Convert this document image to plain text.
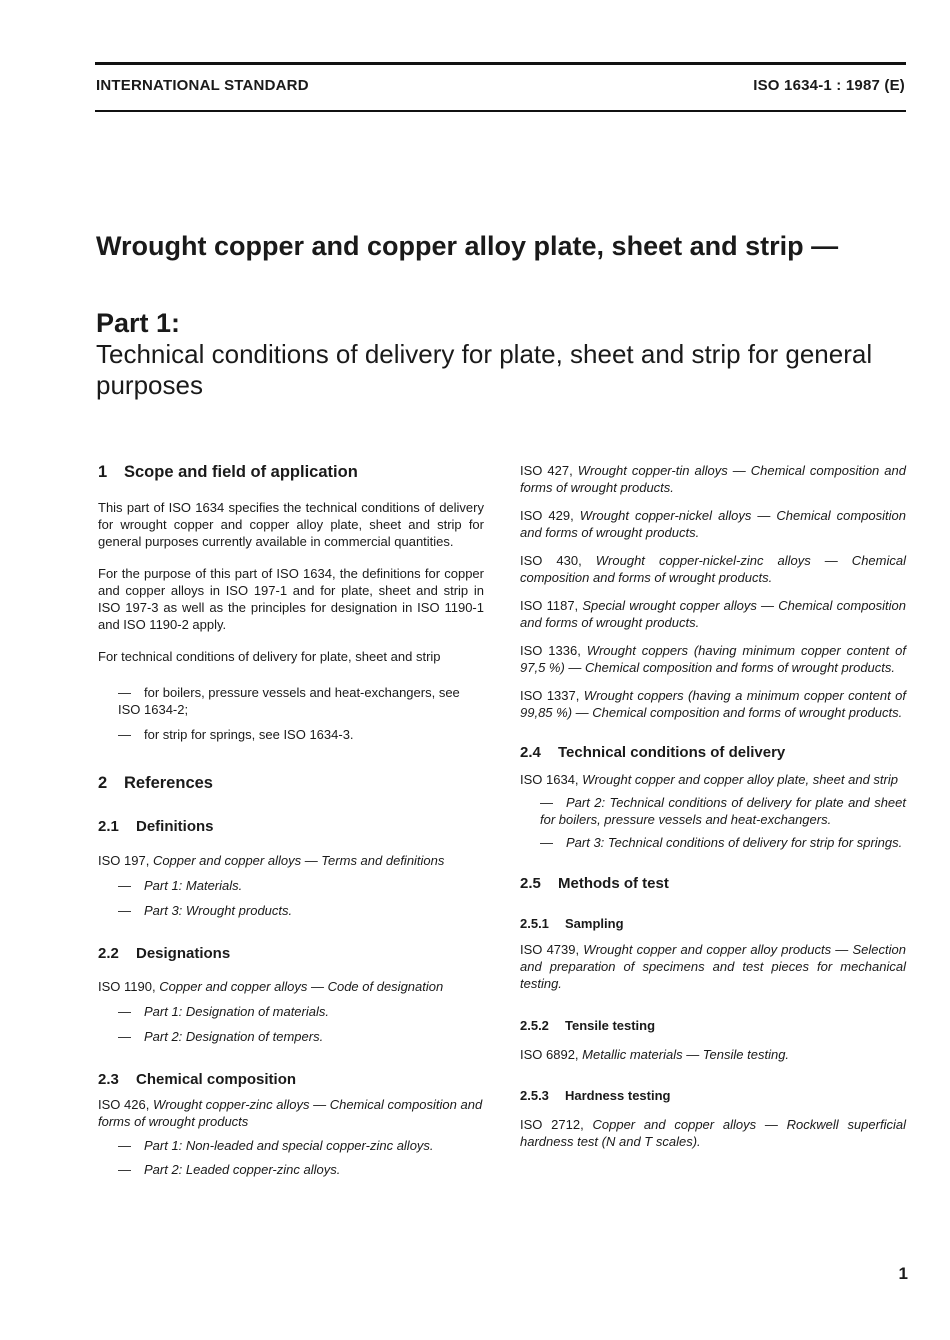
INTERNATIONAL STANDARD	ISO 1634-1 : 1987 (E)
Wrought copper and copper alloy plate, sheet and strip —
Part 1:
Technical conditions of delivery for plate, sheet and strip for general purposes
1 Scope and field of application

This part of ISO 1634 specifies the technical conditions of delivery for wrought copper and copper alloy plate, sheet and strip for general purposes currently available in commercial quantities.

For the purpose of this part of ISO 1634, the definitions for copper and copper alloys in ISO 197-1 and for plate, sheet and strip in ISO 197-3 as well as the principles for designation in ISO 1190-1 and ISO 1190-2 apply.

For technical conditions of delivery for plate, sheet and strip

— for boilers, pressure vessels and heat-exchangers, see ISO 1634-2;
— for strip for springs, see ISO 1634-3.
2 References
2.1 Definitions

ISO 197, Copper and copper alloys — Terms and definitions

— Part 1: Materials.
— Part 3: Wrought products.
2.2 Designations

ISO 1190, Copper and copper alloys — Code of designation

— Part 1: Designation of materials.
— Part 2: Designation of tempers.
2.3 Chemical composition

ISO 426, Wrought copper-zinc alloys — Chemical composition and forms of wrought products

— Part 1: Non-leaded and special copper-zinc alloys.
— Part 2: Leaded copper-zinc alloys.

ISO 427, Wrought copper-tin alloys — Chemical composition and forms of wrought products.

ISO 429, Wrought copper-nickel alloys — Chemical composition and forms of wrought products.

ISO 430, Wrought copper-nickel-zinc alloys — Chemical composition and forms of wrought products.

ISO 1187, Special wrought copper alloys — Chemical composition and forms of wrought products.

ISO 1336, Wrought coppers (having minimum copper content of 97,5 %) — Chemical composition and forms of wrought products.

ISO 1337, Wrought coppers (having a minimum copper content of 99,85 %) — Chemical composition and forms of wrought products.

2.4 Technical conditions of delivery

ISO 1634, Wrought copper and copper alloy plate, sheet and strip

— Part 2: Technical conditions of delivery for plate and sheet for boilers, pressure vessels and heat-exchangers.
— Part 3: Technical conditions of delivery for strip for springs.
2.5 Methods of test
2.5.1 Sampling

ISO 4739, Wrought copper and copper alloy products — Selection and preparation of specimens and test pieces for mechanical testing.

2.5.2 Tensile testing

ISO 6892, Metallic materials — Tensile testing.

2.5.3 Hardness testing

ISO 2712, Copper and copper alloys — Rockwell superficial hardness test (N and T scales).

1
